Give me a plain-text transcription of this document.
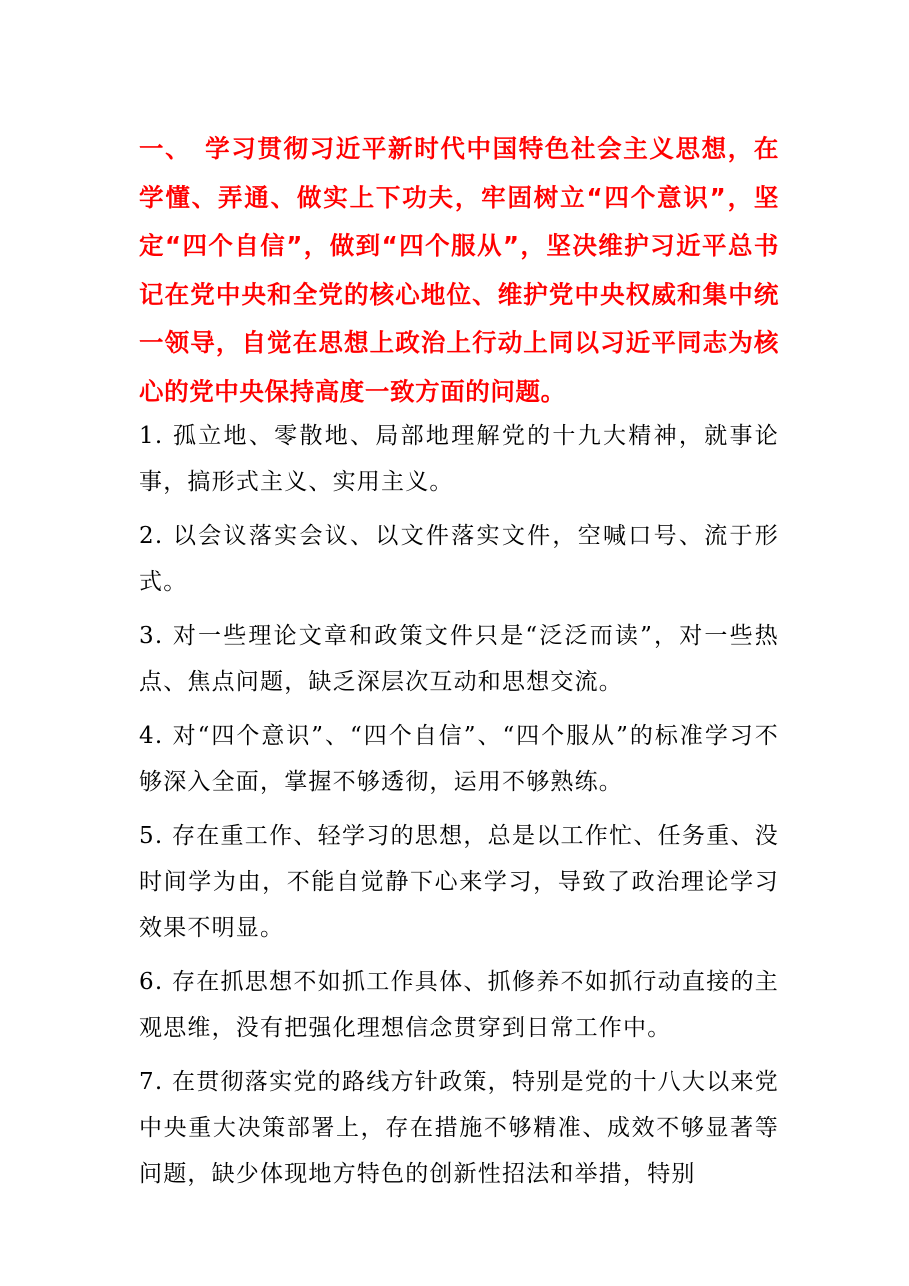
一、　学习贯彻习近平新时代中国特色社会主义思想，在学懂、弄通、做实上下功夫，牢固树立“四个意识”，坚定“四个自信”，做到“四个服从”，坚决维护习近平总书记在党中央和全党的核心地位、维护党中央权威和集中统一领导，自觉在思想上政治上行动上同以习近平同志为核心的党中央保持高度一致方面的问题。

1. 孤立地、零散地、局部地理解党的十九大精神，就事论事，搞形式主义、实用主义。

2. 以会议落实会议、以文件落实文件，空喊口号、流于形式。

3. 对一些理论文章和政策文件只是“泛泛而读”，对一些热点、焦点问题，缺乏深层次互动和思想交流。

4. 对“四个意识”、“四个自信”、“四个服从”的标准学习不够深入全面，掌握不够透彻，运用不够熟练。

5. 存在重工作、轻学习的思想，总是以工作忙、任务重、没时间学为由，不能自觉静下心来学习，导致了政治理论学习效果不明显。

6. 存在抓思想不如抓工作具体、抓修养不如抓行动直接的主观思维，没有把强化理想信念贯穿到日常工作中。

7. 在贯彻落实党的路线方针政策，特别是党的十八大以来党中央重大决策部署上，存在措施不够精准、成效不够显著等问题，缺少体现地方特色的创新性招法和举措，特别
